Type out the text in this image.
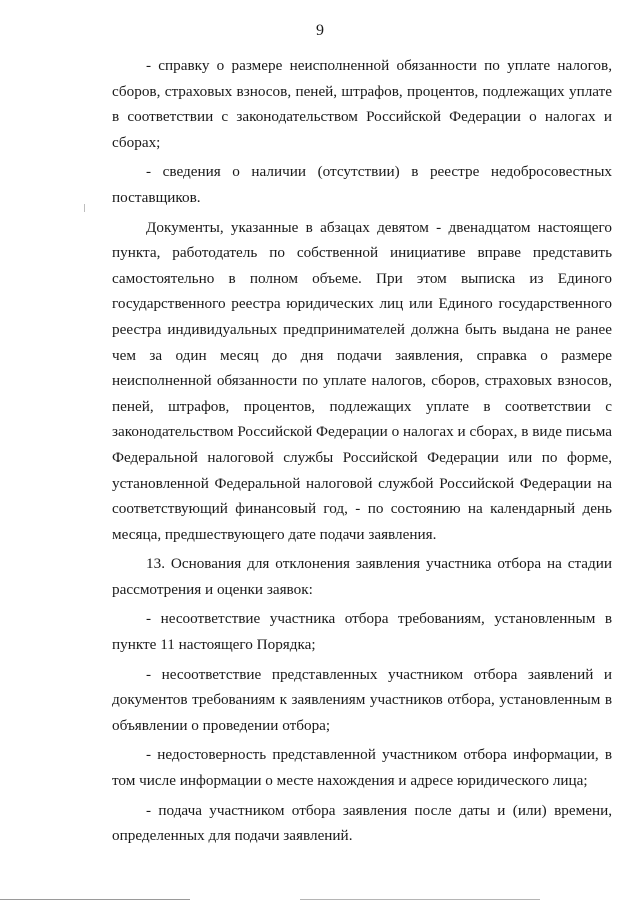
9

- справку о размере неисполненной обязанности по уплате налогов, сборов, страховых взносов, пеней, штрафов, процентов, подлежащих уплате в соответствии с законодательством Российской Федерации о налогах и сборах;

- сведения о наличии (отсутствии) в реестре недобросовестных поставщиков.

Документы, указанные в абзацах девятом - двенадцатом настоящего пункта, работодатель по собственной инициативе вправе представить самостоятельно в полном объеме. При этом выписка из Единого государственного реестра юридических лиц или Единого государственного реестра индивидуальных предпринимателей должна быть выдана не ранее чем за один месяц до дня подачи заявления, справка о размере неисполненной обязанности по уплате налогов, сборов, страховых взносов, пеней, штрафов, процентов, подлежащих уплате в соответствии с законодательством Российской Федерации о налогах и сборах, в виде письма Федеральной налоговой службы Российской Федерации или по форме, установленной Федеральной налоговой службой Российской Федерации на соответствующий финансовый год, - по состоянию на календарный день месяца, предшествующего дате подачи заявления.

13. Основания для отклонения заявления участника отбора на стадии рассмотрения и оценки заявок:

- несоответствие участника отбора требованиям, установленным в пункте 11 настоящего Порядка;

- несоответствие представленных участником отбора заявлений и документов требованиям к заявлениям участников отбора, установленным в объявлении о проведении отбора;

- недостоверность представленной участником отбора информации, в том числе информации о месте нахождения и адресе юридического лица;

- подача участником отбора заявления после даты и (или) времени, определенных для подачи заявлений.
